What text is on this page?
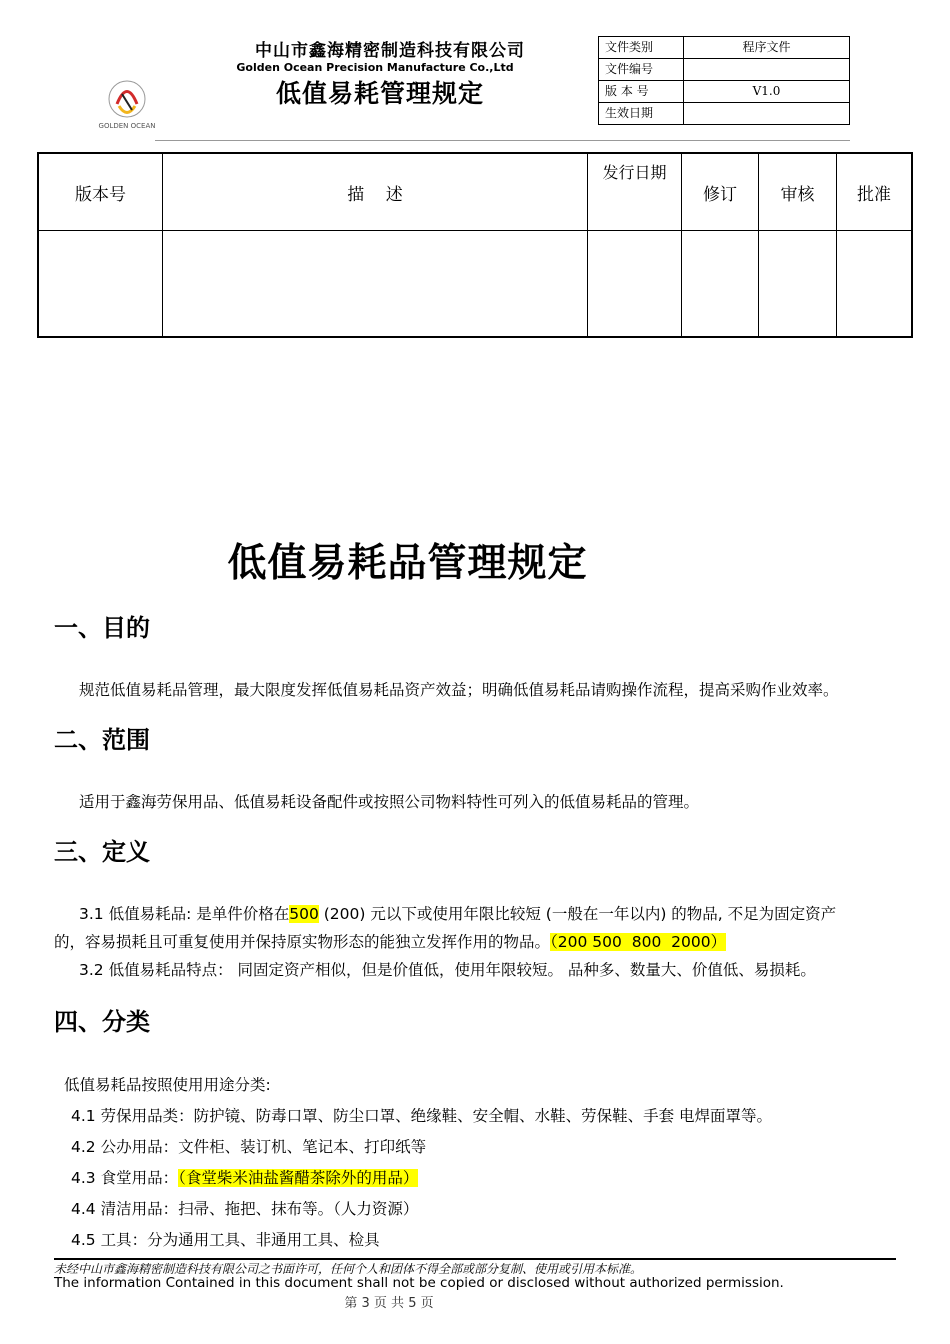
中山市鑫海精密制造科技有限公司
Golden Ocean Precision Manufacture Co.,Ltd
低值易耗管理规定
GOLDEN OCEAN
文件类别	程序文件
文件编号	
版 本 号	V1.0
生效日期	
版本号	描    述	发行日期	修订	审核	批准

低值易耗品管理规定
一、目的
规范低值易耗品管理，最大限度发挥低值易耗品资产效益；明确低值易耗品请购操作流程，提高采购作业效率。
二、范围
适用于鑫海劳保用品、低值易耗设备配件或按照公司物料特性可列入的低值易耗品的管理。
三、定义
3.1 低值易耗品: 是单件价格在500 (200) 元以下或使用年限比较短 (一般在一年以内) 的物品, 不足为固定资产
的，容易损耗且可重复使用并保持原实物形态的能独立发挥作用的物品。（200 500  800  2000）
3.2 低值易耗品特点： 同固定资产相似，但是价值低，使用年限较短。 品种多、数量大、价值低、易损耗。
四、分类
低值易耗品按照使用用途分类:
4.1 劳保用品类：防护镜、防毒口罩、防尘口罩、绝缘鞋、安全帽、水鞋、劳保鞋、手套 电焊面罩等。
4.2 公办用品：文件柜、装订机、笔记本、打印纸等
4.3 食堂用品：（食堂柴米油盐酱醋茶除外的用品）
4.4 清洁用品：扫帚、拖把、抹布等。（人力资源）
4.5 工具：分为通用工具、非通用工具、检具
未经中山市鑫海精密制造科技有限公司之书面许可，任何个人和团体不得全部或部分复制、使用或引用本标准。
The information Contained in this document shall not be copied or disclosed without authorized permission.
第 3 页 共 5 页
